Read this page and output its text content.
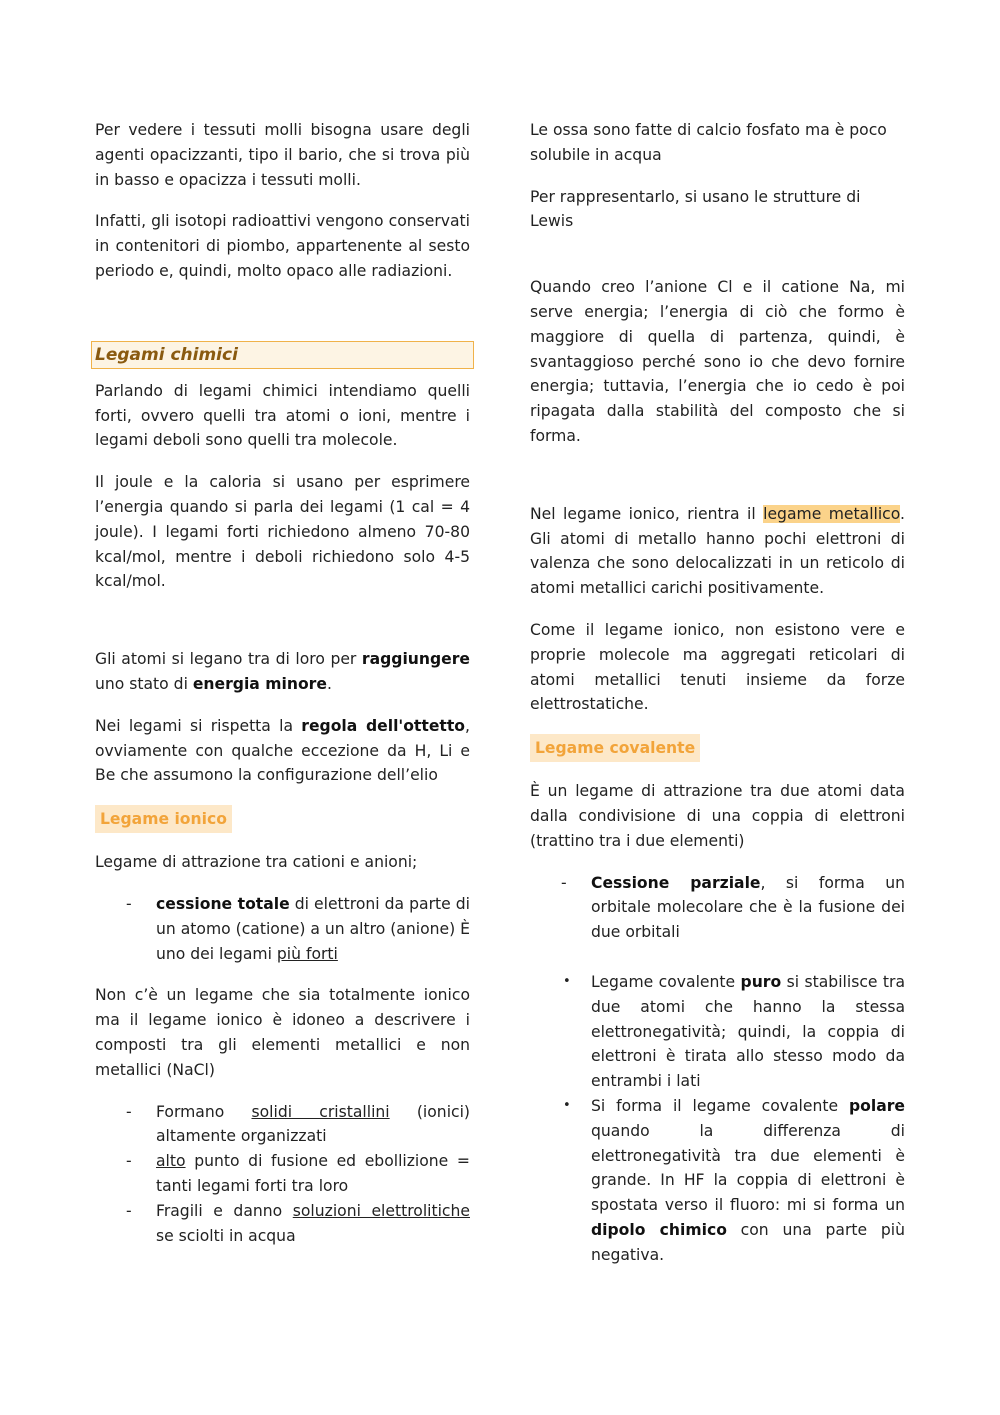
Per vedere i tessuti molli bisogna usare degli agenti opacizzanti, tipo il bario, che si trova più in basso e opacizza i tessuti molli.

Infatti, gli isotopi radioattivi vengono conservati in contenitori di piombo, appartenente al sesto periodo e, quindi, molto opaco alle radiazioni.

Legami chimici

Parlando di legami chimici intendiamo quelli forti, ovvero quelli tra atomi o ioni, mentre i legami deboli sono quelli tra molecole.

Il joule e la caloria si usano per esprimere l’energia quando si parla dei legami (1 cal = 4 joule). I legami forti richiedono almeno 70-80 kcal/mol, mentre i deboli richiedono solo 4-5 kcal/mol.

Gli atomi si legano tra di loro per raggiungere uno stato di energia minore.

Nei legami si rispetta la regola dell'ottetto, ovviamente con qualche eccezione da H, Li e Be che assumono la configurazione dell’elio

Legame ionico

Legame di attrazione tra cationi e anioni;

- cessione totale di elettroni da parte di un atomo (catione) a un altro (anione) È uno dei legami più forti

Non c’è un legame che sia totalmente ionico ma il legame ionico è idoneo a descrivere i composti tra gli elementi metallici e non metallici (NaCl)

- Formano solidi cristallini (ionici) altamente organizzati
- alto punto di fusione ed ebollizione = tanti legami forti tra loro
- Fragili e danno soluzioni elettrolitiche se sciolti in acqua

Le ossa sono fatte di calcio fosfato ma è poco solubile in acqua

Per rappresentarlo, si usano le strutture di Lewis

Quando creo l’anione Cl e il catione Na, mi serve energia; l’energia di ciò che formo è maggiore di quella di partenza, quindi, è svantaggioso perché sono io che devo fornire energia; tuttavia, l’energia che io cedo è poi ripagata dalla stabilità del composto che si forma.

Nel legame ionico, rientra il legame metallico. Gli atomi di metallo hanno pochi elettroni di valenza che sono delocalizzati in un reticolo di atomi metallici carichi positivamente.

Come il legame ionico, non esistono vere e proprie molecole ma aggregati reticolari di atomi metallici tenuti insieme da forze elettrostatiche.

Legame covalente

È un legame di attrazione tra due atomi data dalla condivisione di una coppia di elettroni (trattino tra i due elementi)

- Cessione parziale, si forma un orbitale molecolare che è la fusione dei due orbitali
• Legame covalente puro si stabilisce tra due atomi che hanno la stessa elettronegatività; quindi, la coppia di elettroni è tirata allo stesso modo da entrambi i lati
• Si forma il legame covalente polare quando la differenza di elettronegatività tra due elementi è grande. In HF la coppia di elettroni è spostata verso il fluoro: mi si forma un dipolo chimico con una parte più negativa.
